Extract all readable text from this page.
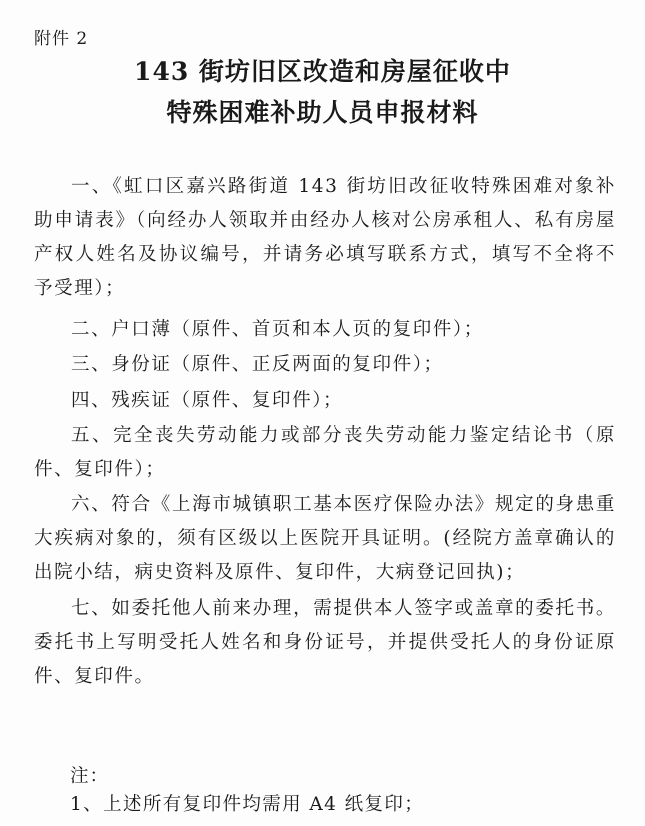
附件 2
143 街坊旧区改造和房屋征收中
特殊困难补助人员申报材料

一、《虹口区嘉兴路街道 143 街坊旧改征收特殊困难对象补助申请表》（向经办人领取并由经办人核对公房承租人、私有房屋产权人姓名及协议编号，并请务必填写联系方式，填写不全将不予受理）；

二、户口薄（原件、首页和本人页的复印件）；

三、身份证（原件、正反两面的复印件）；

四、残疾证（原件、复印件）；

五、完全丧失劳动能力或部分丧失劳动能力鉴定结论书（原件、复印件）；

六、符合《上海市城镇职工基本医疗保险办法》规定的身患重大疾病对象的，须有区级以上医院开具证明。(经院方盖章确认的出院小结，病史资料及原件、复印件，大病登记回执)；

七、如委托他人前来办理，需提供本人签字或盖章的委托书。委托书上写明受托人姓名和身份证号，并提供受托人的身份证原件、复印件。

注：
1、上述所有复印件均需用 A4 纸复印；
